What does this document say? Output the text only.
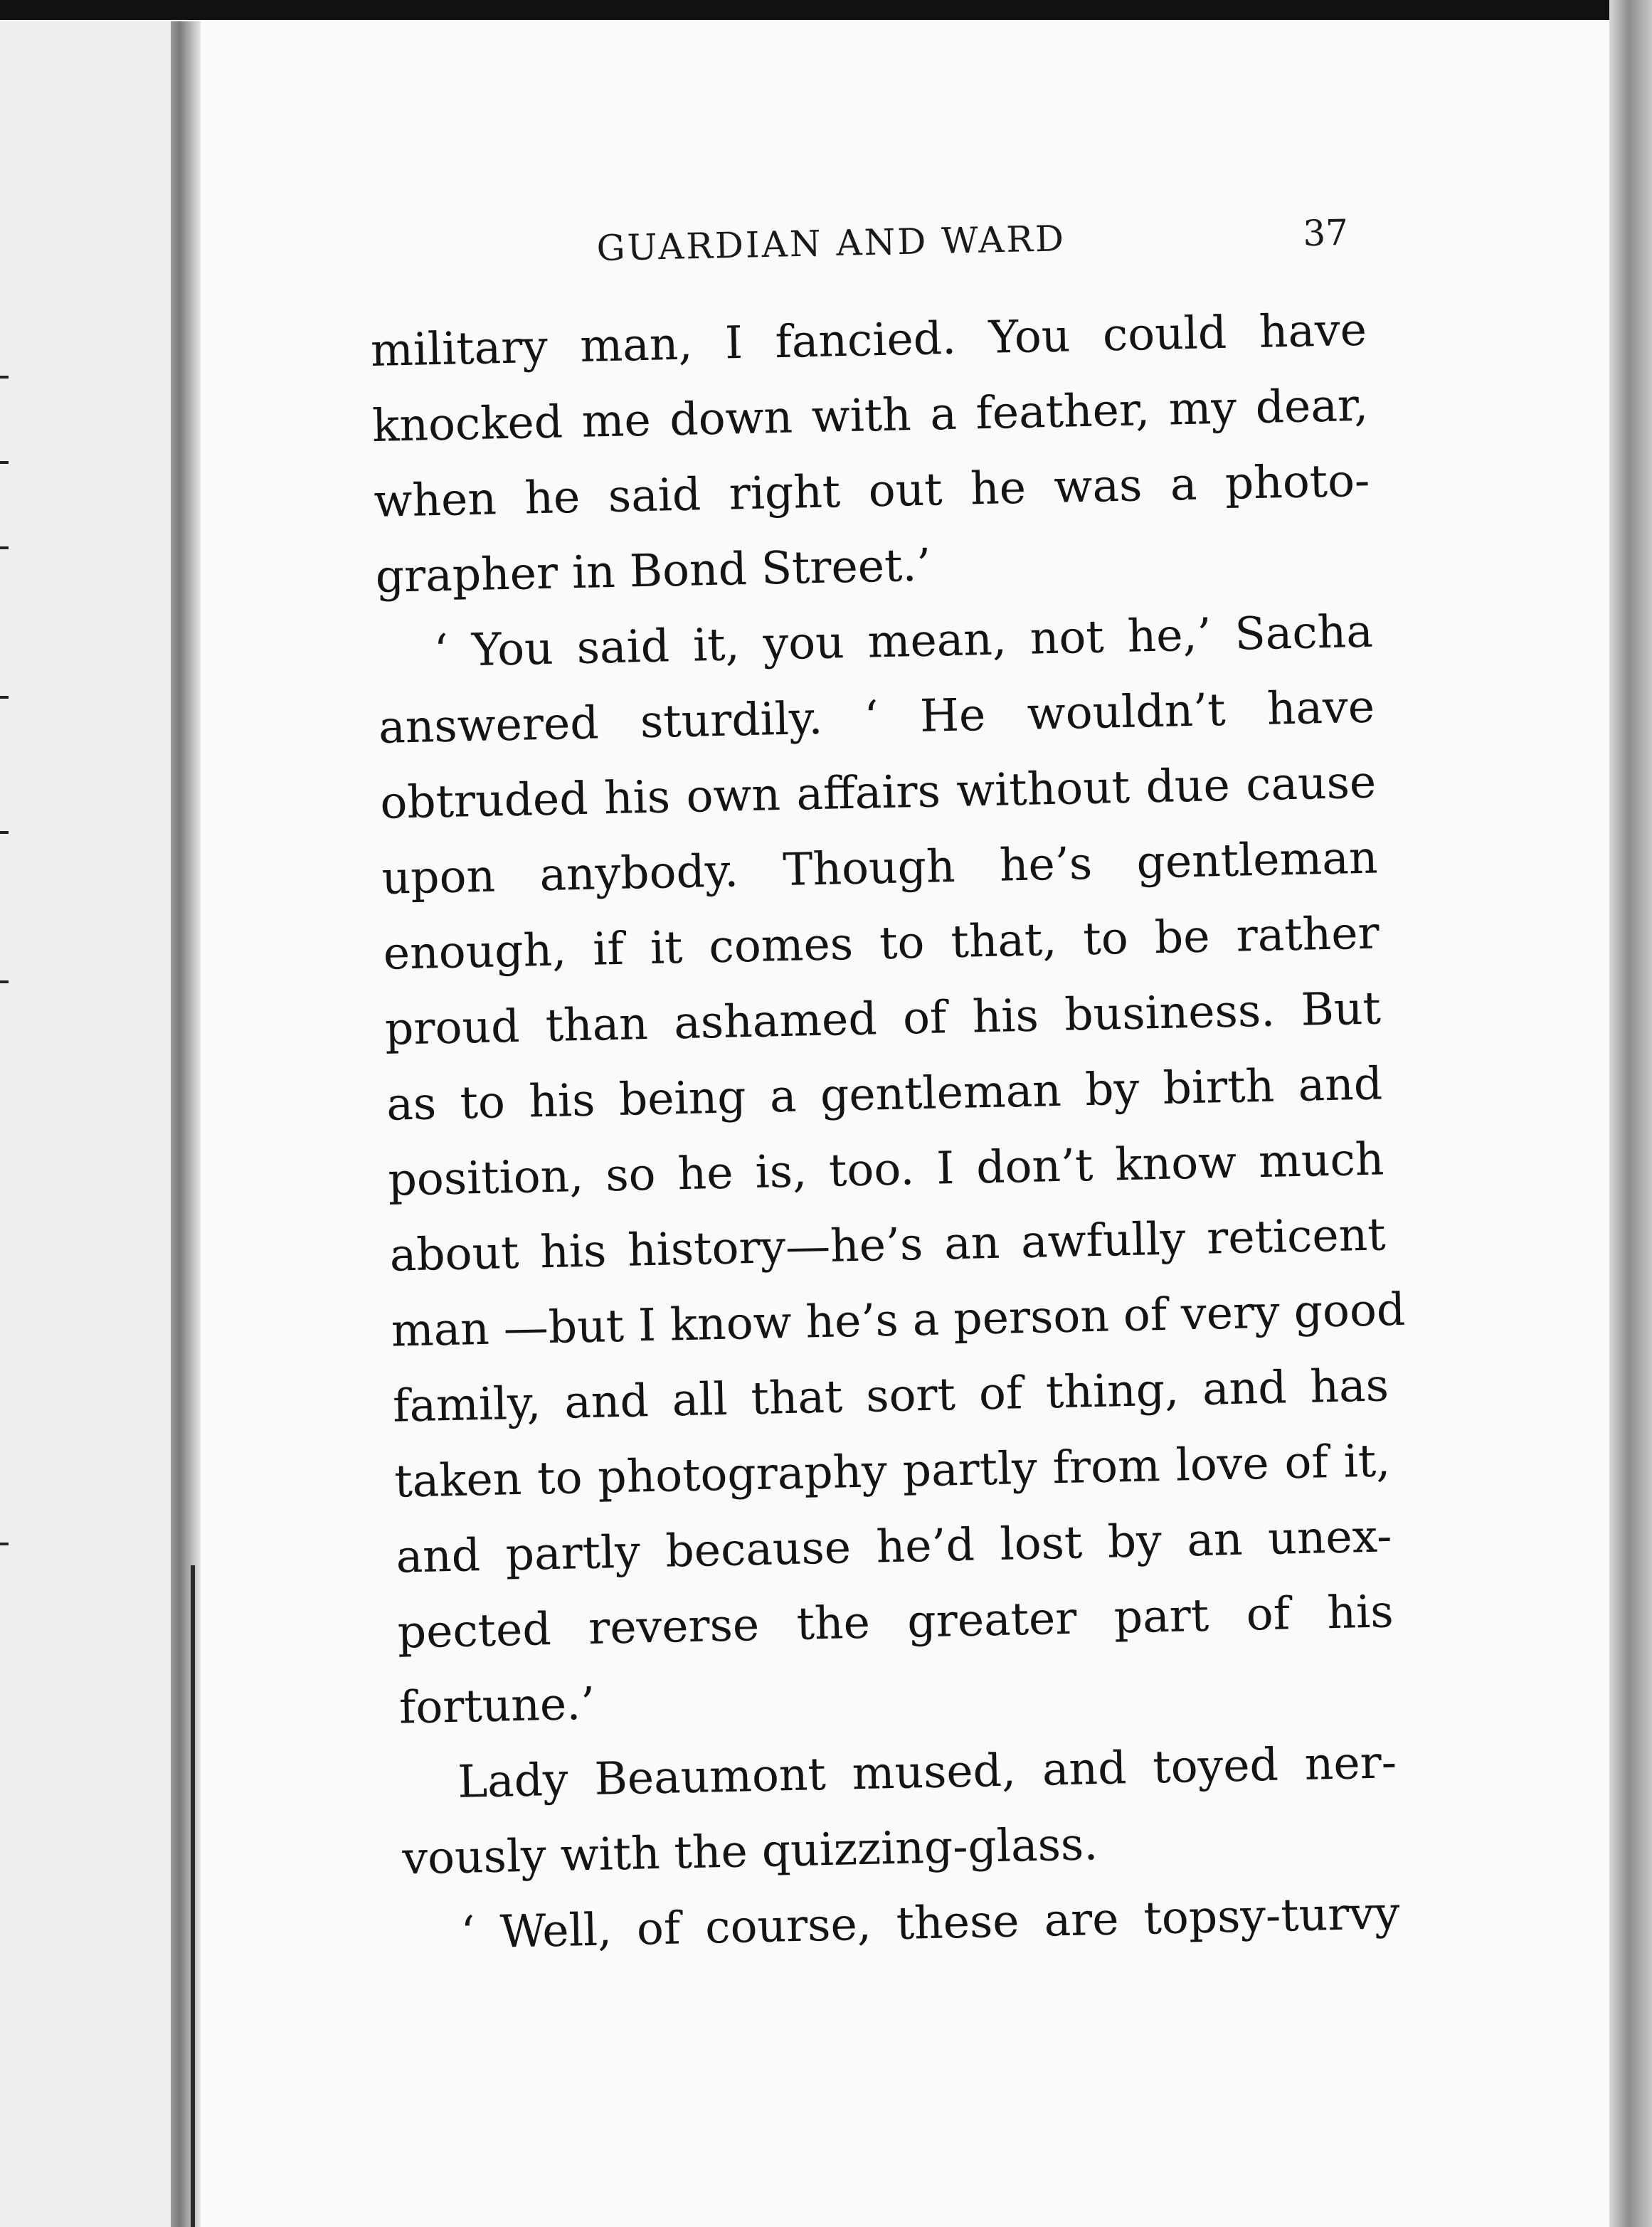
GUARDIAN AND WARD	37
military man, I fancied. You could have
knocked me down with a feather, my dear,
when he said right out he was a photo-
grapher in Bond Street.’
‘ You said it, you mean, not he,’ Sacha
answered sturdily. ‘ He wouldn’t have
obtruded his own affairs without due cause
upon anybody. Though he’s gentleman
enough, if it comes to that, to be rather
proud than ashamed of his business. But
as to his being a gentleman by birth and
position, so he is, too. I don’t know much
about his history—he’s an awfully reticent
man —but I know he’s a person of very good
family, and all that sort of thing, and has
taken to photography partly from love of it,
and partly because he’d lost by an unex-
pected reverse the greater part of his
fortune.’
Lady Beaumont mused, and toyed ner-
vously with the quizzing-glass.
‘ Well, of course, these are topsy-turvy
